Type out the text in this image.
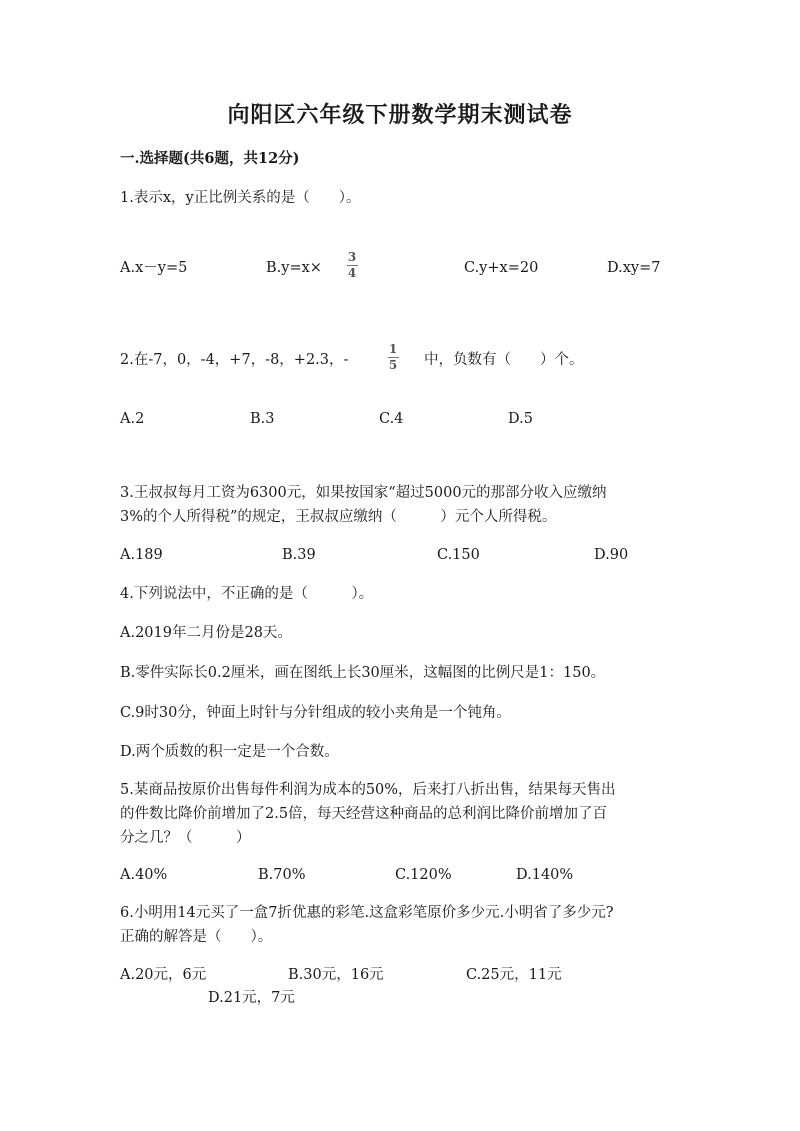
向阳区六年级下册数学期末测试卷
一.选择题(共6题，共12分)
1.表示x，y正比例关系的是（　　）。
A.x－y=5	B.y=x×
3
4	C.y+x=20	D.xy=7
2.在-7，0，-4，+7，-8，+2.3，-
1
5 中，负数有（　　）个。
A.2	B.3	C.4	D.5
3.王叔叔每月工资为6300元，如果按国家“超过5000元的那部分收入应缴纳
3%的个人所得税”的规定，王叔叔应缴纳（　　　）元个人所得税。
A.189	B.39	C.150	D.90
4.下列说法中，不正确的是（　　　）。
A.2019年二月份是28天。
B.零件实际长0.2厘米，画在图纸上长30厘米，这幅图的比例尺是1：150。
C.9时30分，钟面上时针与分针组成的较小夹角是一个钝角。
D.两个质数的积一定是一个合数。
5.某商品按原价出售每件利润为成本的50%，后来打八折出售，结果每天售出
的件数比降价前增加了2.5倍，每天经营这种商品的总利润比降价前增加了百
分之几？（　　　）
A.40%	B.70%	C.120%	D.140%
6.小明用14元买了一盒7折优惠的彩笔.这盒彩笔原价多少元.小明省了多少元?
正确的解答是（　　）。
A.20元，6元	B.30元，16元	C.25元，11元
D.21元，7元
